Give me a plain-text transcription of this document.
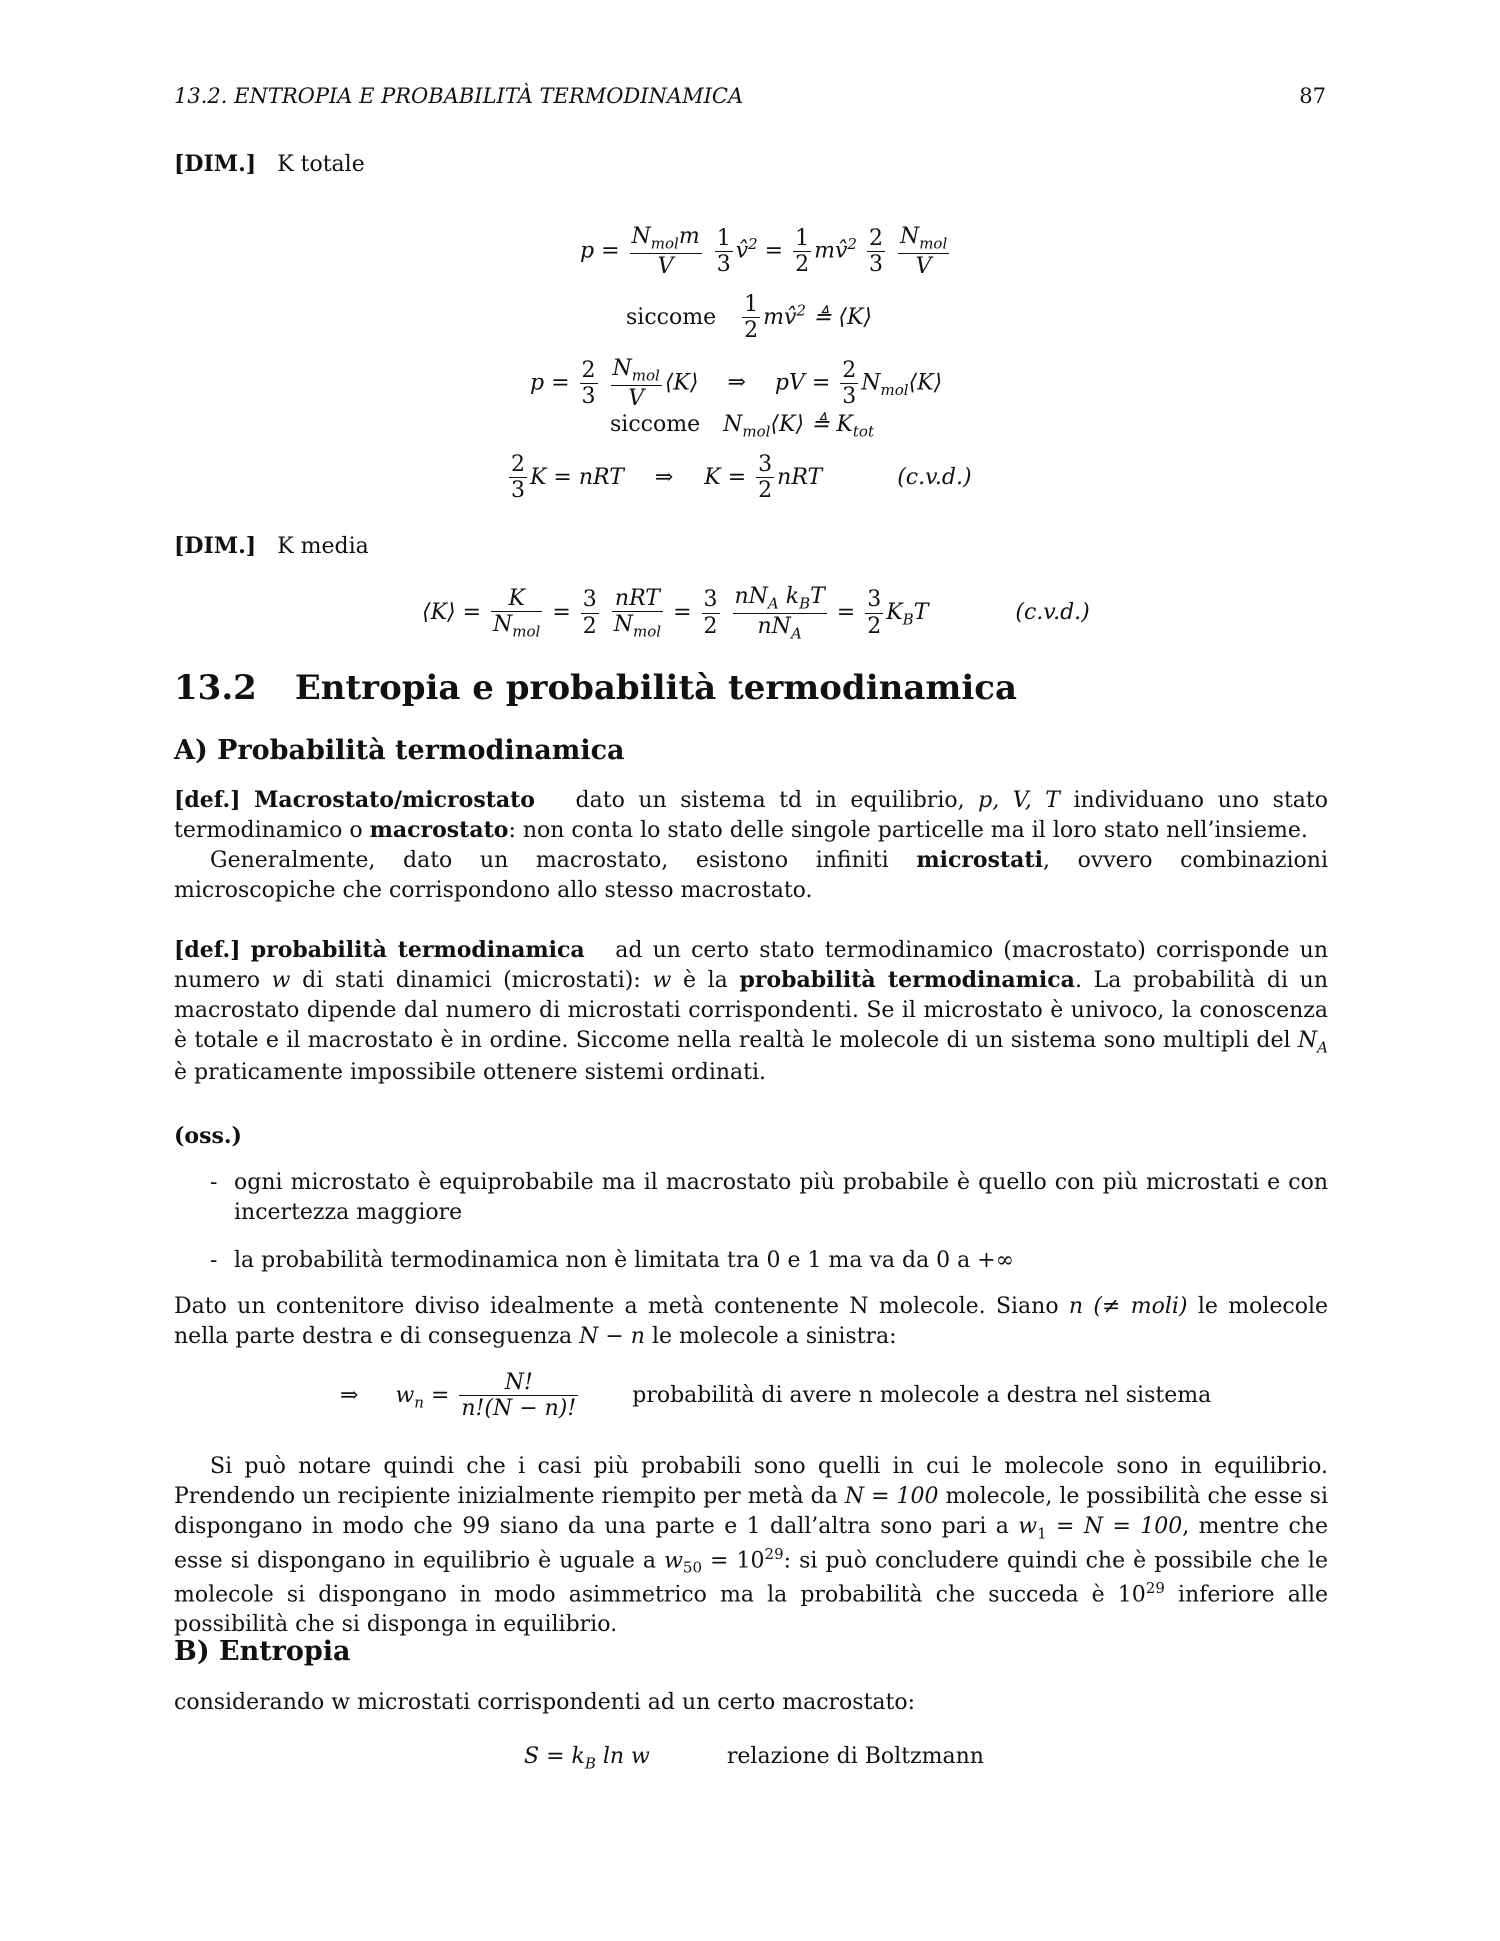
13.2. ENTROPIA E PROBABILITÀ TERMODINAMICA	87
[DIM.] K totale
$p = \frac{N_{mol}m}{V}$
$\frac{1}{3}$ v̂$^2$ = $\frac{1}{2}$ mv̂$^2$ $\frac{2}{3}$
$\frac{N_{mol}}{V}$
siccome $\frac{1}{2}$ mv̂$^2$ ≜ ⟨K⟩
$p = \frac{2}{3}$
$\frac{N_{mol}}{V}$ ⟨K⟩ ⇒ pV = $\frac{2}{3}$ $N_{mol}⟨K⟩$
siccome $N_{mol}⟨K⟩$ ≜ $K_{tot}$
$\frac{2}{3}$ K = nRT ⇒ $K = \frac{3}{2}$ nRT	(c.v.d.)
[DIM.] K media
⟨K⟩ = $\frac{K}{N_{mol}} = \frac{3}{2}$
$\frac{\text{nRT}}{N_{mol}} = \frac{3}{2}$
$\frac{nN_A k_BT}{nN_A} = \frac{3}{2} K_BT$	(c.v.d.)
13.2 Entropia e probabilità termodinamica
A) Probabilità termodinamica

[def.] Macrostato/microstato dato un sistema td in equilibrio, p, V, T individuano uno stato termodinamico o macrostato: non conta lo stato delle singole particelle ma il loro stato nell’insieme.

Generalmente, dato un macrostato, esistono infiniti microstati, ovvero combinazioni microscopiche che corrispondono allo stesso macrostato.

[def.] probabilità termodinamica ad un certo stato termodinamico (macrostato) corrisponde un numero w di stati dinamici (microstati): w è la probabilità termodinamica. La probabilità di un macrostato dipende dal numero di microstati corrispondenti. Se il microstato è univoco, la conoscenza è totale e il macrostato è in ordine. Siccome nella realtà le molecole di un sistema sono multipli del $N_A$ è praticamente impossibile ottenere sistemi ordinati.

(oss.)
- ogni microstato è equiprobabile ma il macrostato più probabile è quello con più microstati e con incertezza maggiore
- la probabilità termodinamica non è limitata tra 0 e 1 ma va da 0 a +∞

Dato un contenitore diviso idealmente a metà contenente N molecole. Siano n (≠ moli) le molecole nella parte destra e di conseguenza N − n le molecole a sinistra:

⇒ $w_n = \frac{N!}{n!(N - n)!}$ probabilità di avere n molecole a destra nel sistema

Si può notare quindi che i casi più probabili sono quelli in cui le molecole sono in equilibrio. Prendendo un recipiente inizialmente riempito per metà da N = 100 molecole, le possibilità che esse si dispongano in modo che 99 siano da una parte e 1 dall’altra sono pari a $w_1 = N = 100$, mentre che esse si dispongano in equilibrio è uguale a $w_{50} = 10^{29}$: si può concludere quindi che è possibile che le molecole si dispongano in modo asimmetrico ma la probabilità che succeda è $10^{29}$ inferiore alle possibilità che si disponga in equilibrio.

B) Entropia

considerando w microstati corrispondenti ad un certo macrostato:

$S = k_B$ ln w	relazione di Boltzmann
